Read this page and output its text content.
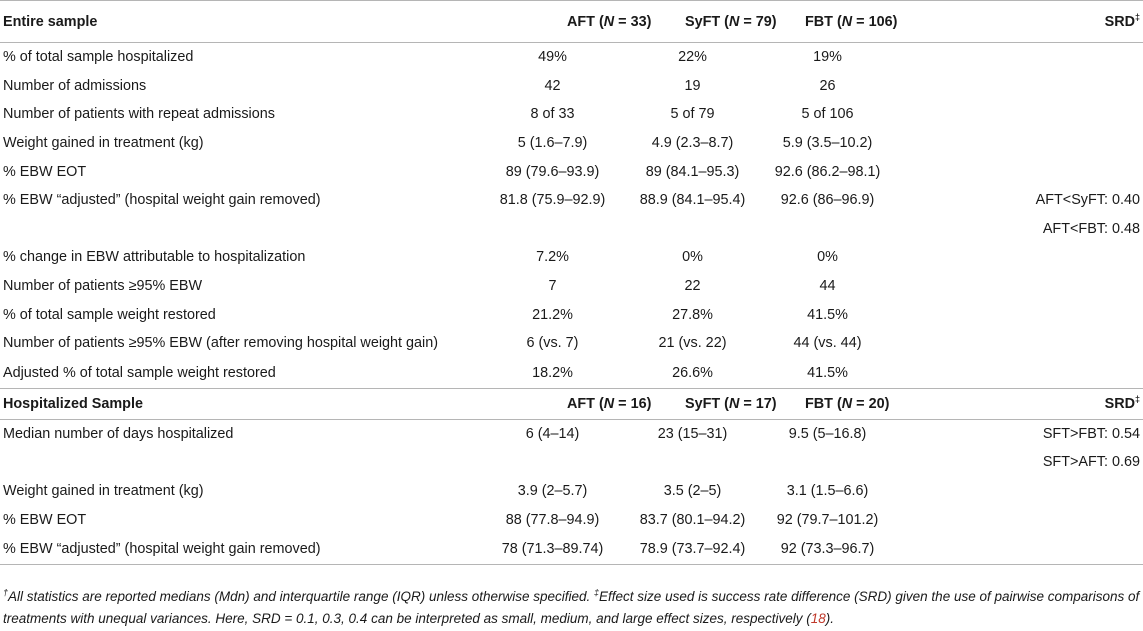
Entire sample	AFT (N = 33)	SyFT (N = 79)	FBT (N = 106)	SRD‡
% of total sample hospitalized	49%	22%	19%	
Number of admissions	42	19	26	
Number of patients with repeat admissions	8 of 33	5 of 79	5 of 106	
Weight gained in treatment (kg)	5 (1.6–7.9)	4.9 (2.3–8.7)	5.9 (3.5–10.2)	
% EBW EOT	89 (79.6–93.9)	89 (84.1–95.3)	92.6 (86.2–98.1)	
% EBW “adjusted” (hospital weight gain removed)	81.8 (75.9–92.9)	88.9 (84.1–95.4)	92.6 (86–96.9)	AFT<SyFT: 0.40
				AFT<FBT: 0.48
% change in EBW attributable to hospitalization	7.2%	0%	0%	
Number of patients ≥95% EBW	7	22	44	
% of total sample weight restored	21.2%	27.8%	41.5%	
Number of patients ≥95% EBW (after removing hospital weight gain)	6 (vs. 7)	21 (vs. 22)	44 (vs. 44)	
Adjusted % of total sample weight restored	18.2%	26.6%	41.5%	
Hospitalized Sample	AFT (N = 16)	SyFT (N = 17)	FBT (N = 20)	SRD‡
Median number of days hospitalized	6 (4–14)	23 (15–31)	9.5 (5–16.8)	SFT>FBT: 0.54
				SFT>AFT: 0.69
Weight gained in treatment (kg)	3.9 (2–5.7)	3.5 (2–5)	3.1 (1.5–6.6)	
% EBW EOT	88 (77.8–94.9)	83.7 (80.1–94.2)	92 (79.7–101.2)	
% EBW “adjusted” (hospital weight gain removed)	78 (71.3–89.74)	78.9 (73.7–92.4)	92 (73.3–96.7)	
†All statistics are reported medians (Mdn) and interquartile range (IQR) unless otherwise specified. ‡Effect size used is success rate difference (SRD) given the use of pairwise comparisons of treatments with unequal variances. Here, SRD = 0.1, 0.3, 0.4 can be interpreted as small, medium, and large effect sizes, respectively (18).
